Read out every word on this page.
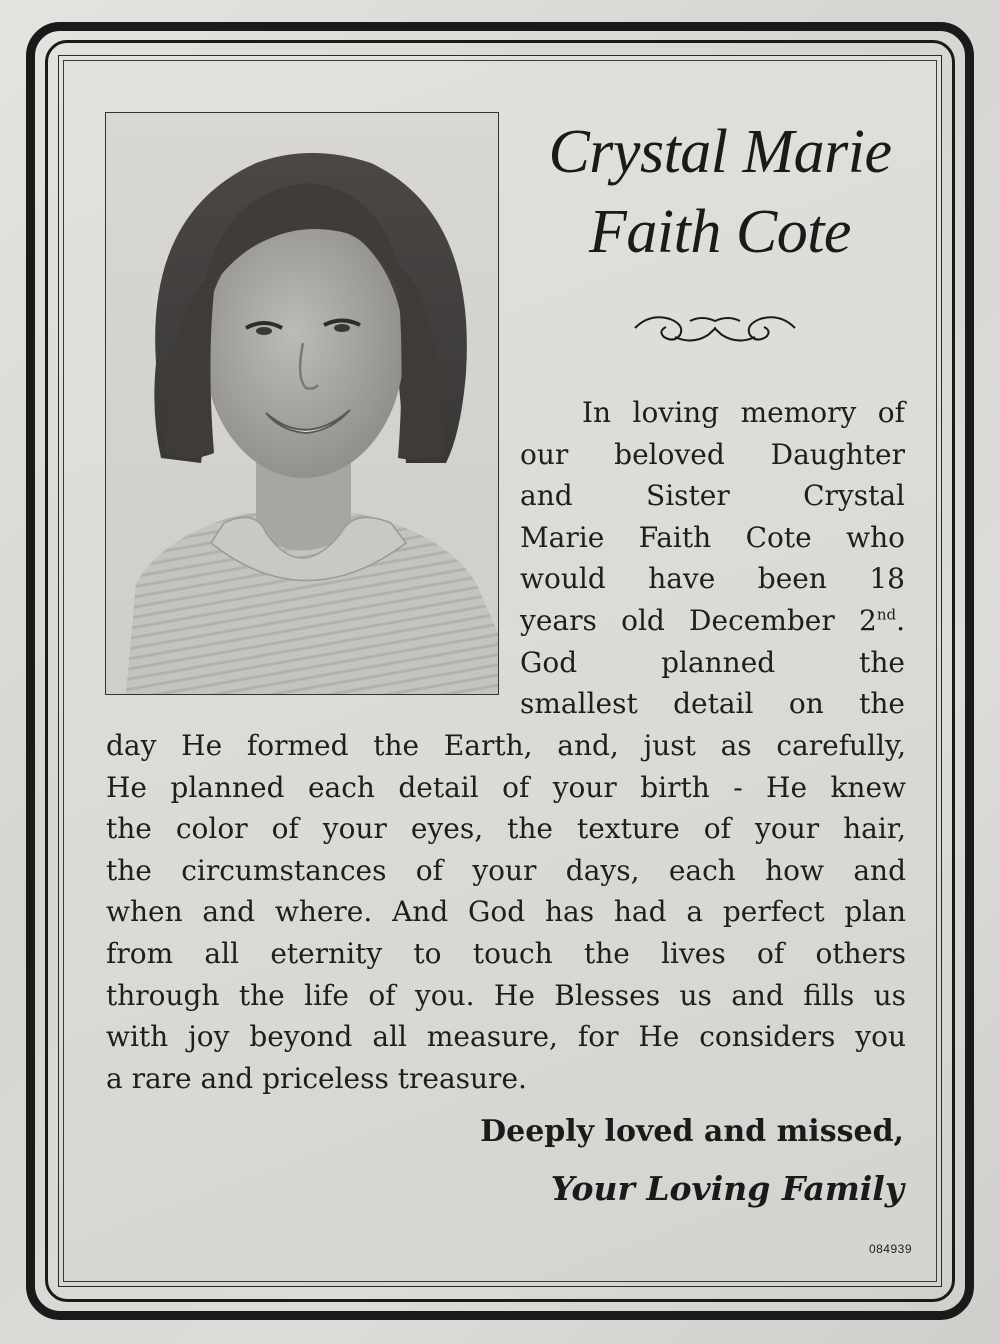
Crystal Marie
Faith Cote
In loving memory of
our beloved Daughter
and Sister Crystal
Marie Faith Cote who
would have been 18
years old December 2nd.
God planned the
smallest detail on the
day He formed the Earth, and, just as carefully,
He planned each detail of your birth - He knew
the color of your eyes, the texture of your hair,
the circumstances of your days, each how and
when and where. And God has had a perfect plan
from all eternity to touch the lives of others
through the life of you. He Blesses us and fills us
with joy beyond all measure, for He considers you
a rare and priceless treasure.
Deeply loved and missed,
Your Loving Family
084939
